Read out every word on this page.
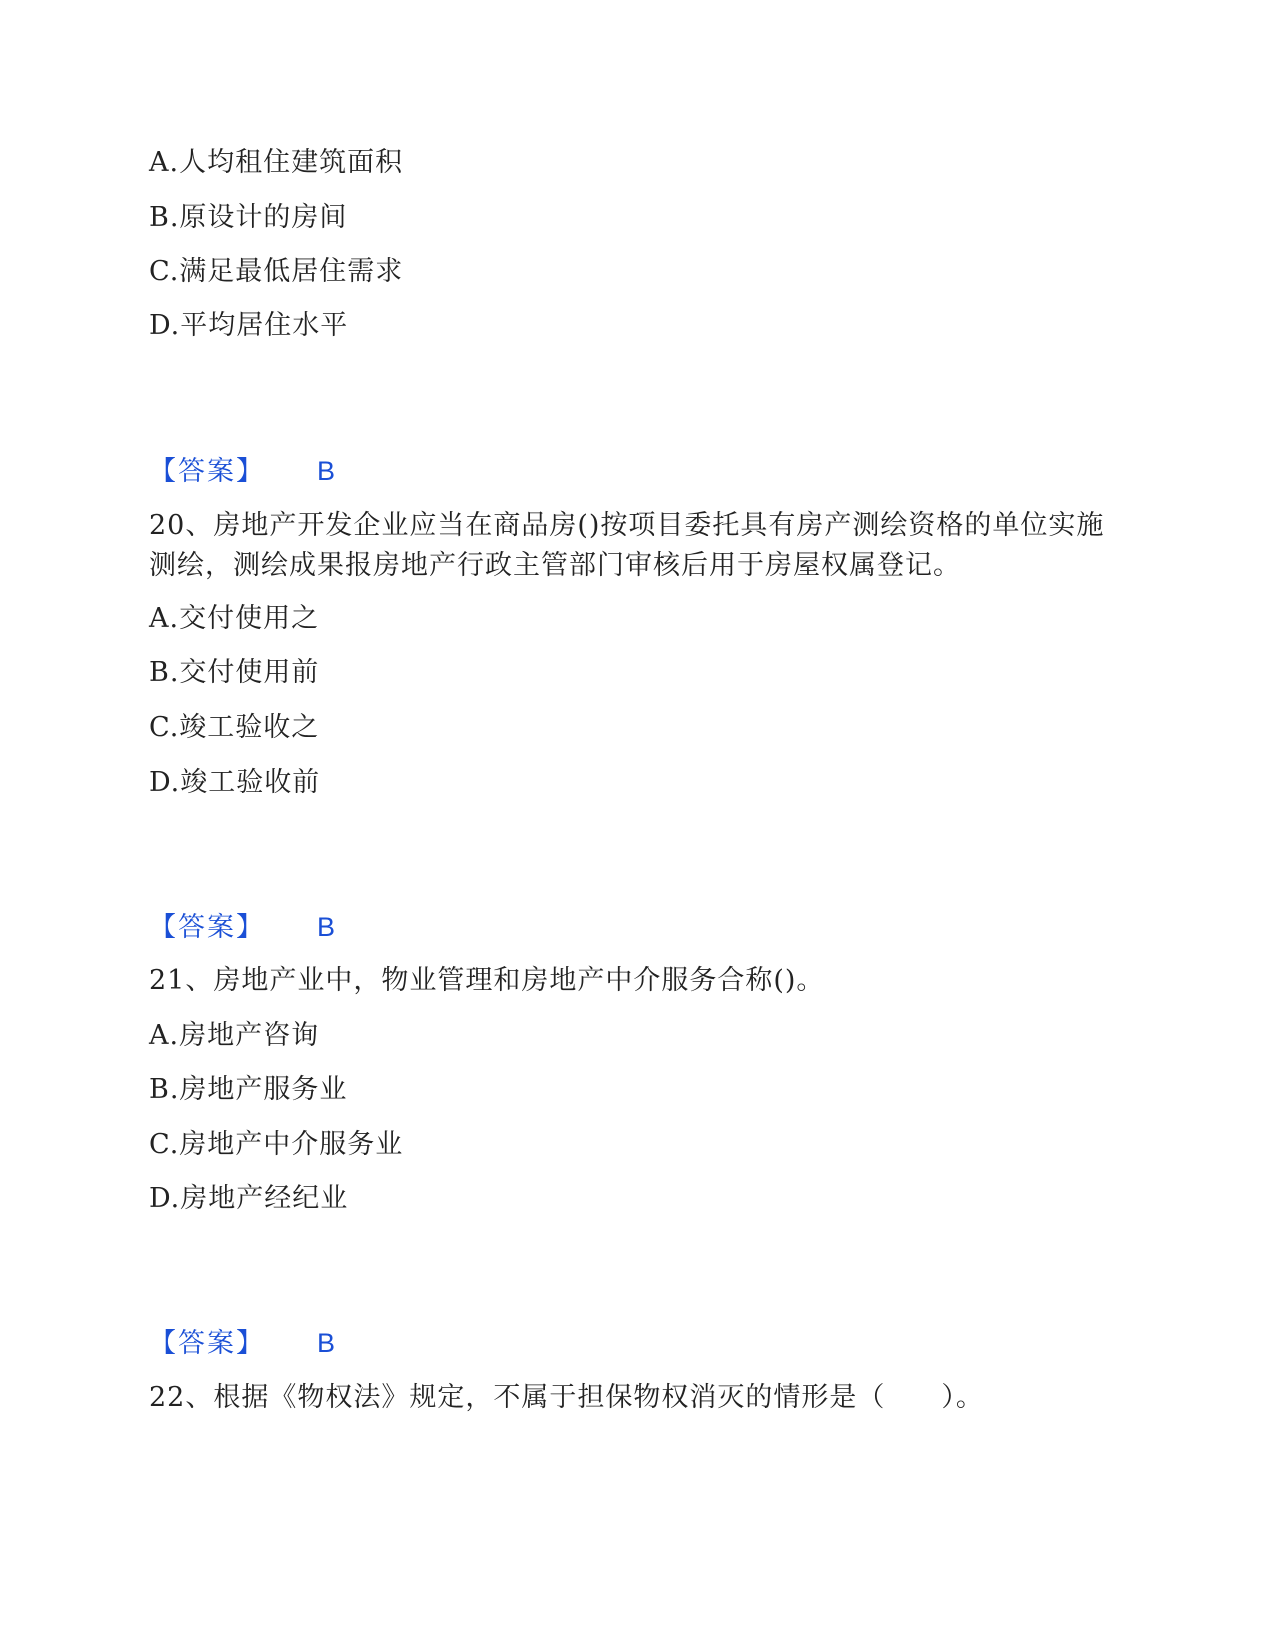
A.人均租住建筑面积
B.原设计的房间
C.满足最低居住需求
D.平均居住水平
【答案】 B
20、房地产开发企业应当在商品房()按项目委托具有房产测绘资格的单位实施测绘，测绘成果报房地产行政主管部门审核后用于房屋权属登记。
A.交付使用之
B.交付使用前
C.竣工验收之
D.竣工验收前
【答案】 B
21、房地产业中，物业管理和房地产中介服务合称()。
A.房地产咨询
B.房地产服务业
C.房地产中介服务业
D.房地产经纪业
【答案】 B
22、根据《物权法》规定，不属于担保物权消灭的情形是（　　）。
